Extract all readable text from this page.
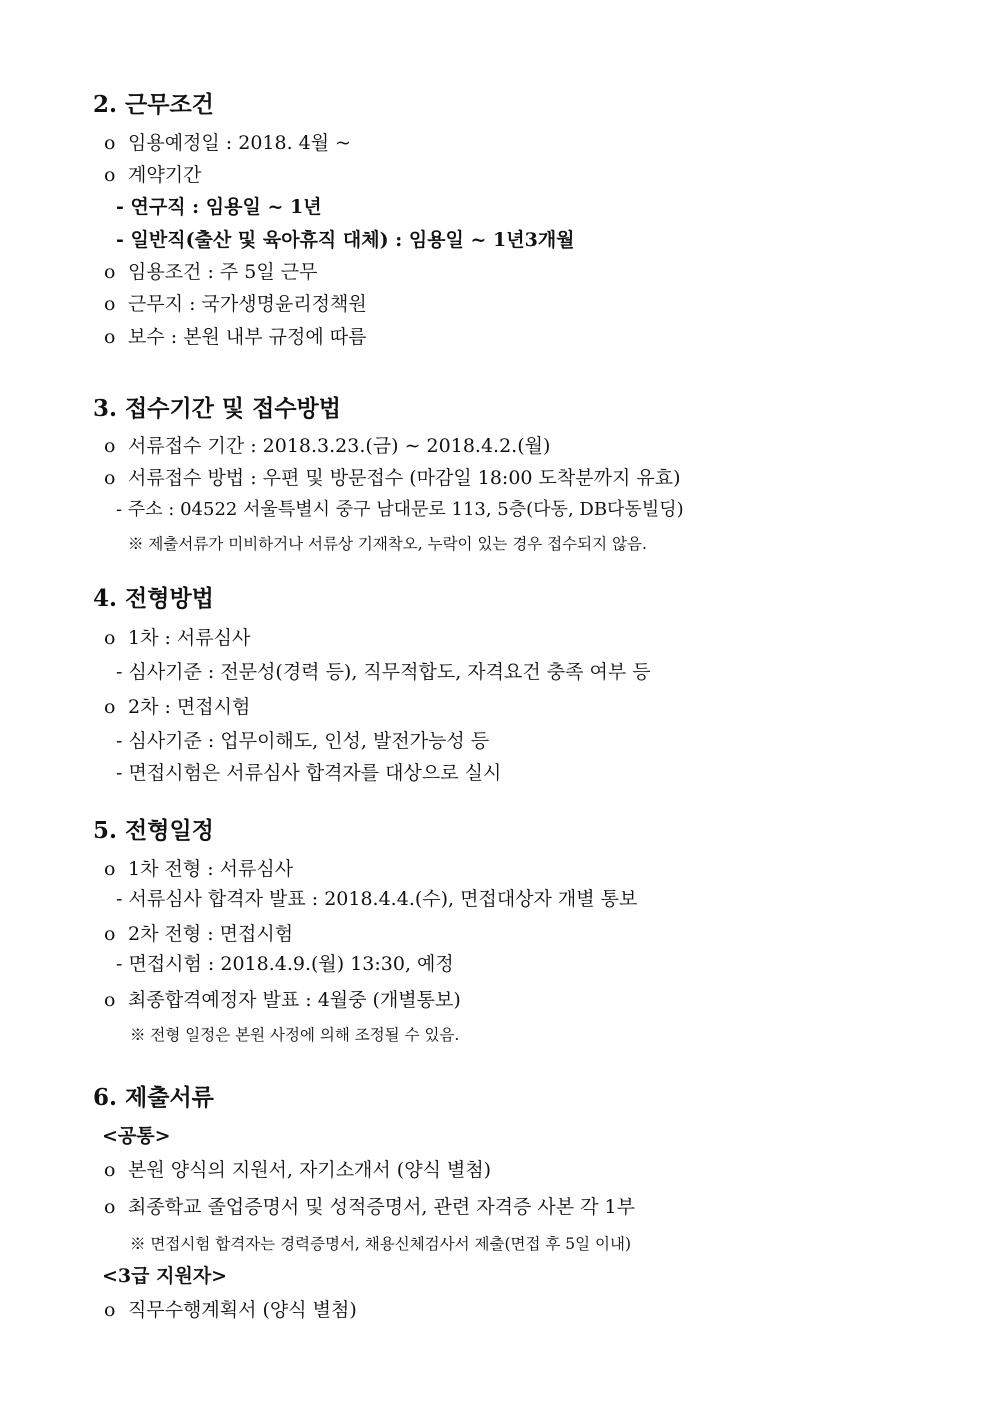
2. 근무조건
o 임용예정일 : 2018. 4월 ~
o 계약기간
- 연구직 : 임용일 ~ 1년
- 일반직(출산 및 육아휴직 대체) : 임용일 ~ 1년3개월
o 임용조건 : 주 5일 근무
o 근무지 : 국가생명윤리정책원
o 보수 : 본원 내부 규정에 따름
3. 접수기간 및 접수방법
o 서류접수 기간 : 2018.3.23.(금) ∼ 2018.4.2.(월)
o 서류접수 방법 : 우편 및 방문접수 (마감일 18:00 도착분까지 유효)
- 주소 : 04522 서울특별시 중구 남대문로 113, 5층(다동, DB다동빌딩)
※ 제출서류가 미비하거나 서류상 기재착오, 누락이 있는 경우 접수되지 않음.
4. 전형방법
o 1차 : 서류심사
- 심사기준 : 전문성(경력 등), 직무적합도, 자격요건 충족 여부 등
o 2차 : 면접시험
- 심사기준 : 업무이해도, 인성, 발전가능성 등
- 면접시험은 서류심사 합격자를 대상으로 실시
5. 전형일정
o 1차 전형 : 서류심사
- 서류심사 합격자 발표 : 2018.4.4.(수), 면접대상자 개별 통보
o 2차 전형 : 면접시험
- 면접시험 : 2018.4.9.(월) 13:30, 예정
o 최종합격예정자 발표 : 4월중 (개별통보)
※ 전형 일정은 본원 사정에 의해 조정될 수 있음.
6. 제출서류
<공통>
o 본원 양식의 지원서, 자기소개서 (양식 별첨)
o 최종학교 졸업증명서 및 성적증명서, 관련 자격증 사본 각 1부
※ 면접시험 합격자는 경력증명서, 채용신체검사서 제출(면접 후 5일 이내)
<3급 지원자>
o 직무수행계획서 (양식 별첨)
